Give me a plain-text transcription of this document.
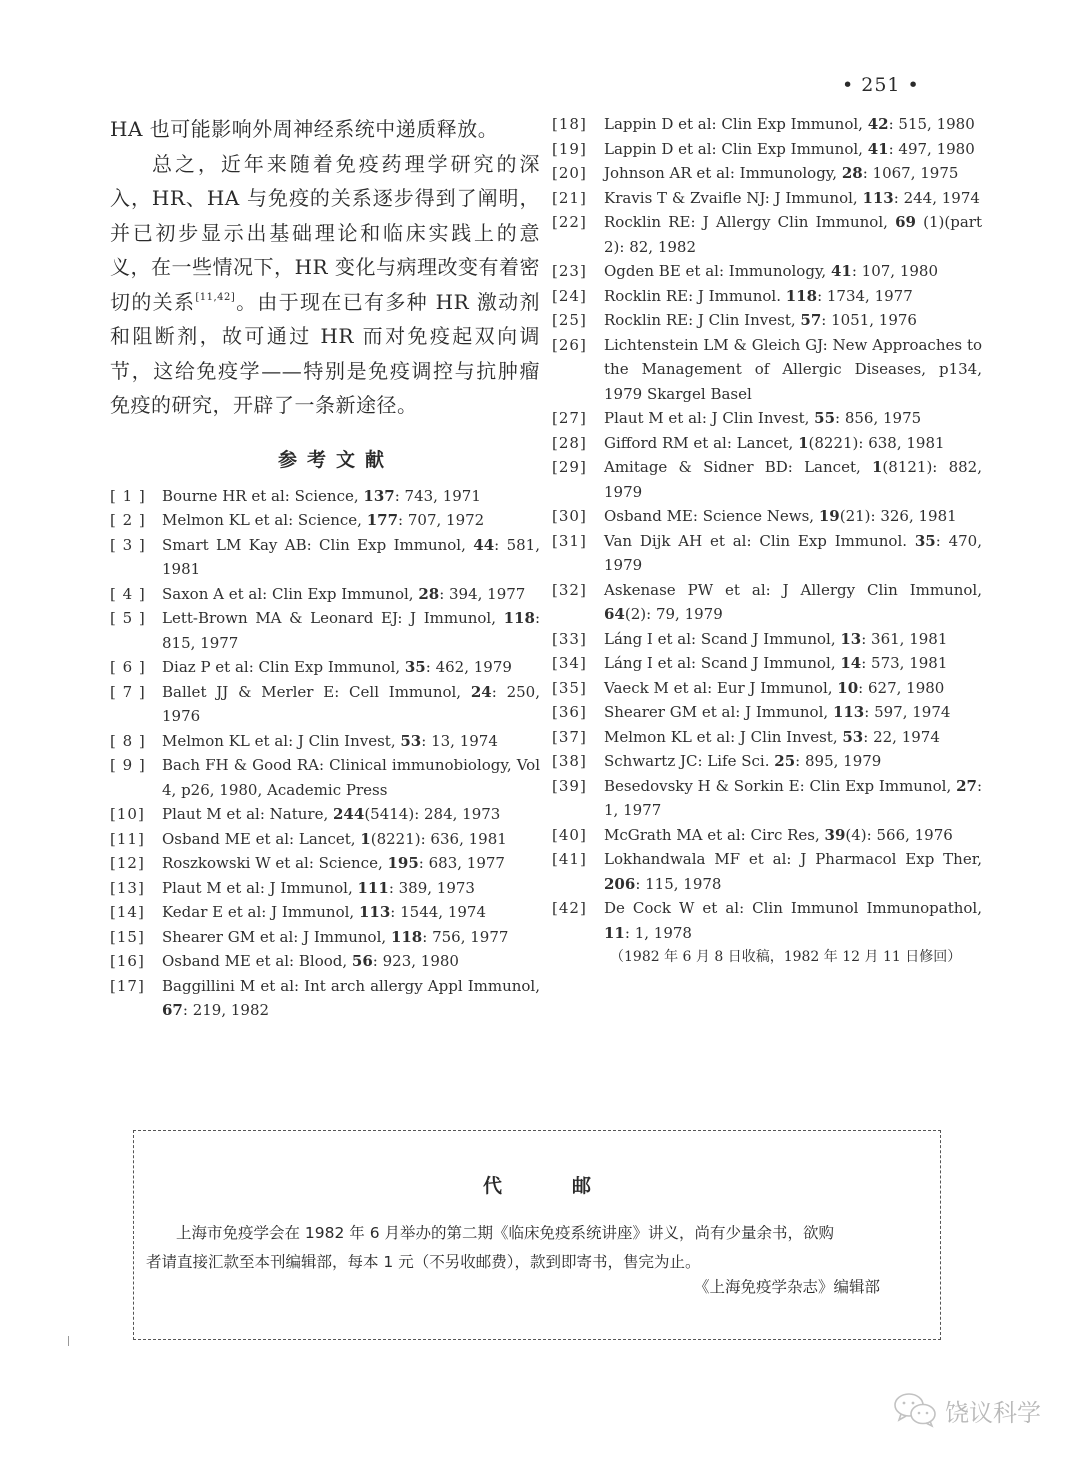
• 251 •

HA 也可能影响外周神经系统中递质释放。

总之，近年来随着免疫药理学研究的深入，HR、HA 与免疫的关系逐步得到了阐明，并已初步显示出基础理论和临床实践上的意义，在一些情况下，HR 变化与病理改变有着密切的关系[11,42]。由于现在已有多种 HR 激动剂和阻断剂，故可通过 HR 而对免疫起双向调节，这给免疫学——特别是免疫调控与抗肿瘤免疫的研究，开辟了一条新途径。

参考文献
[ 1 ]	Bourne HR et al: Science, 137: 743, 1971
[ 2 ]	Melmon KL et al: Science, 177: 707, 1972
[ 3 ]	Smart LM Kay AB: Clin Exp Immunol, 44: 581, 1981
[ 4 ]	Saxon A et al: Clin Exp Immunol, 28: 394, 1977
[ 5 ]	Lett-Brown MA & Leonard EJ: J Immunol, 118: 815, 1977
[ 6 ]	Diaz P et al: Clin Exp Immunol, 35: 462, 1979
[ 7 ]	Ballet JJ & Merler E: Cell Immunol, 24: 250, 1976
[ 8 ]	Melmon KL et al: J Clin Invest, 53: 13, 1974
[ 9 ]	Bach FH & Good RA: Clinical immunobiology, Vol 4, p26, 1980, Academic Press
[10]	Plaut M et al: Nature, 244(5414): 284, 1973
[11]	Osband ME et al: Lancet, 1(8221): 636, 1981
[12]	Roszkowski W et al: Science, 195: 683, 1977
[13]	Plaut M et al: J Immunol, 111: 389, 1973
[14]	Kedar E et al: J Immunol, 113: 1544, 1974
[15]	Shearer GM et al: J Immunol, 118: 756, 1977
[16]	Osband ME et al: Blood, 56: 923, 1980
[17]	Baggillini M et al: Int arch allergy Appl Immunol, 67: 219, 1982
[18]	Lappin D et al: Clin Exp Immunol, 42: 515, 1980
[19]	Lappin D et al: Clin Exp Immunol, 41: 497, 1980
[20]	Johnson AR et al: Immunology, 28: 1067, 1975
[21]	Kravis T & Zvaifle NJ: J Immunol, 113: 244, 1974
[22]	Rocklin RE: J Allergy Clin Immunol, 69 (1)(part 2): 82, 1982
[23]	Ogden BE et al: Immunology, 41: 107, 1980
[24]	Rocklin RE: J Immunol. 118: 1734, 1977
[25]	Rocklin RE: J Clin Invest, 57: 1051, 1976
[26]	Lichtenstein LM & Gleich GJ: New Approaches to the Management of Allergic Diseases, p134, 1979 Skargel Basel
[27]	Plaut M et al: J Clin Invest, 55: 856, 1975
[28]	Gifford RM et al: Lancet, 1(8221): 638, 1981
[29]	Amitage & Sidner BD: Lancet, 1(8121): 882, 1979
[30]	Osband ME: Science News, 19(21): 326, 1981
[31]	Van Dijk AH et al: Clin Exp Immunol. 35: 470, 1979
[32]	Askenase PW et al: J Allergy Clin Immunol, 64(2): 79, 1979
[33]	Láng I et al: Scand J Immunol, 13: 361, 1981
[34]	Láng I et al: Scand J Immunol, 14: 573, 1981
[35]	Vaeck M et al: Eur J Immunol, 10: 627, 1980
[36]	Shearer GM et al: J Immunol, 113: 597, 1974
[37]	Melmon KL et al: J Clin Invest, 53: 22, 1974
[38]	Schwartz JC: Life Sci. 25: 895, 1979
[39]	Besedovsky H & Sorkin E: Clin Exp Immunol, 27: 1, 1977
[40]	McGrath MA et al: Circ Res, 39(4): 566, 1976
[41]	Lokhandwala MF et al: J Pharmacol Exp Ther, 206: 115, 1978
[42]	De Cock W et al: Clin Immunol Immunopathol, 11: 1, 1978
（1982 年 6 月 8 日收稿，1982 年 12 月 11 日修回）
代邮

上海市免疫学会在 1982 年 6 月举办的第二期《临床免疫系统讲座》讲义，尚有少量余书，欲购

者请直接汇款至本刊编辑部，每本 1 元（不另收邮费），款到即寄书，售完为止。

《上海免疫学杂志》编辑部
饶议科学
